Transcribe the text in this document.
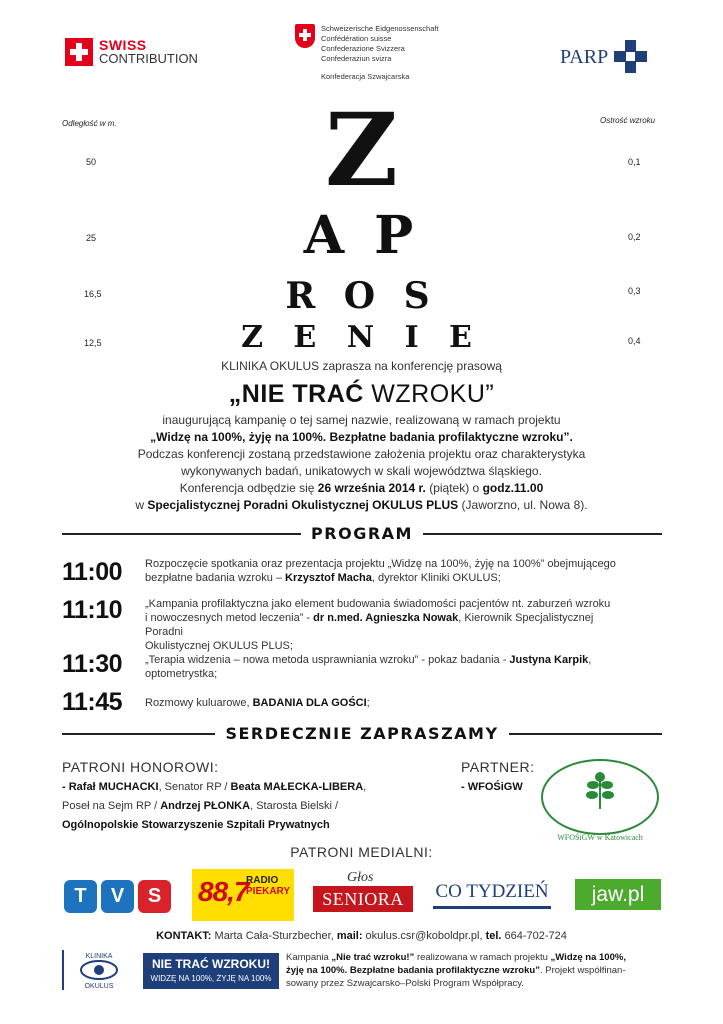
SWISS
CONTRIBUTION
Schweizerische Eidgenossenschaft
Confédération suisse
Confederazione Svizzera
Confederaziun svizra
Konfederacja Szwajcarska
PARP
Odległość w m.	Ostrość wzroku
50
25
16,5
12,5
0,1
0,2
0,3
0,4
Z
A P
R O S
Z E N I E
KLINIKA OKULUS zaprasza na konferencję prasową
„NIE TRAĆ WZROKU”
inaugurującą kampanię o tej samej nazwie, realizowaną w ramach projektu
„Widzę na 100%, żyję na 100%. Bezpłatne badania profilaktyczne wzroku”.
Podczas konferencji zostaną przedstawione założenia projektu oraz charakterystyka
wykonywanych badań, unikatowych w skali województwa śląskiego.
Konferencja odbędzie się 26 września 2014 r. (piątek) o godz.11.00
w Specjalistycznej Poradni Okulistycznej OKULUS PLUS (Jaworzno, ul. Nowa 8).
PROGRAM
11:00 Rozpoczęcie spotkania oraz prezentacja projektu „Widzę na 100%, żyję na 100%” obejmującego
bezpłatne badania wzroku – Krzysztof Macha, dyrektor Kliniki OKULUS;
11:10 „Kampania profilaktyczna jako element budowania świadomości pacjentów nt. zaburzeń wzroku
i nowoczesnych metod leczenia” - dr n.med. Agnieszka Nowak, Kierownik Specjalistycznej Poradni
Okulistycznej OKULUS PLUS;
11:30 „Terapia widzenia – nowa metoda usprawniania wzroku” - pokaz badania - Justyna Karpik,
optometrystka;
11:45 Rozmowy kuluarowe, BADANIA DLA GOŚCI;
SERDECZNIE ZAPRASZAMY
PATRONI HONOROWI:
- Rafał MUCHACKI, Senator RP / Beata MAŁECKA-LIBERA,
Poseł na Sejm RP / Andrzej PŁONKA, Starosta Bielski /
Ogólnopolskie Stowarzyszenie Szpitali Prywatnych
PARTNER:
- WFOŚiGW
WFOŚiGW w Katowicach
PATRONI MEDIALNI:
T	V	S	88,7
RADIO
PIEKARY
Głos
SENIORA	CO TYDZIEŃ	jaw.pl
KONTAKT: Marta Cała-Sturzbecher, mail: okulus.csr@koboldpr.pl, tel. 664-702-724
KLINIKA
OKULUS
NIE TRAĆ WZROKU!
WIDZĘ NA 100%, ŻYJĘ NA 100%
Kampania „Nie trać wzroku!” realizowana w ramach projektu „Widzę na 100%,
żyję na 100%. Bezpłatne badania profilaktyczne wzroku”. Projekt współfinan-
sowany przez Szwajcarsko–Polski Program Współpracy.
